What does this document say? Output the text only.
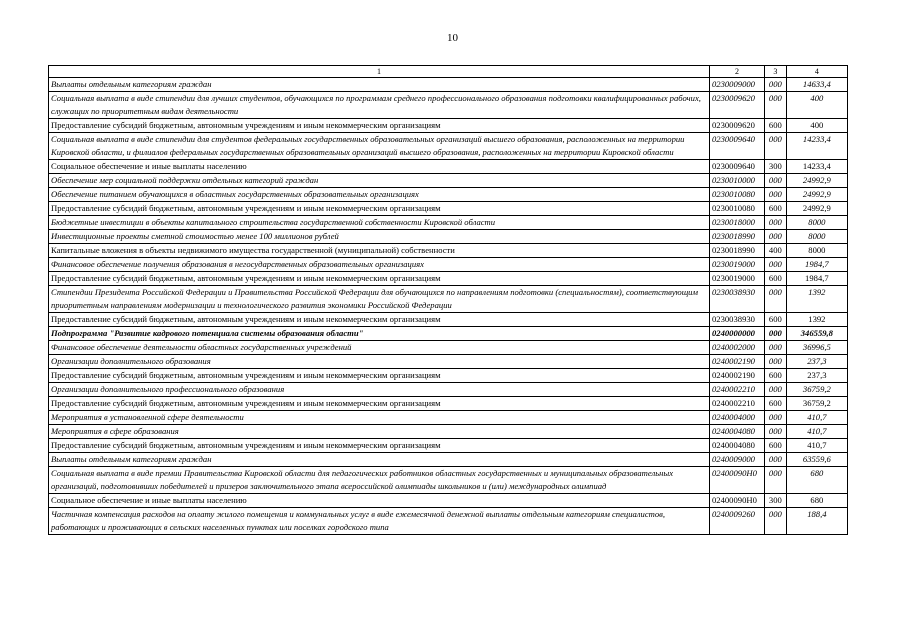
10
1	2	3	4
Выплаты отдельным категориям граждан	0230009000	000	14633,4
Социальная выплата в виде стипендии для лучших студентов, обучающихся по программам среднего профессионального образования подготовки квалифицированных рабочих, служащих по приоритетным видам деятельности	0230009620	000	400
Предоставление субсидий бюджетным, автономным учреждениям и иным некоммерческим организациям	0230009620	600	400
Социальная выплата в виде стипендии для студентов федеральных государственных образовательных организаций высшего образования, расположенных на территории Кировской области, и филиалов федеральных государственных образовательных организаций высшего образования, расположенных на территории Кировской области	0230009640	000	14233,4
Социальное обеспечение и иные выплаты населению	0230009640	300	14233,4
Обеспечение мер социальной поддержки отдельных категорий граждан	0230010000	000	24992,9
Обеспечение питанием обучающихся в областных государственных образовательных организациях	0230010080	000	24992,9
Предоставление субсидий бюджетным, автономным учреждениям и иным некоммерческим организациям	0230010080	600	24992,9
Бюджетные инвестиции в объекты капитального строительства государственной собственности Кировской области	0230018000	000	8000
Инвестиционные проекты сметной стоимостью менее 100 миллионов рублей	0230018990	000	8000
Капитальные вложения в объекты недвижимого имущества государственной (муниципальной) собственности	0230018990	400	8000
Финансовое обеспечение получения образования в негосударственных образовательных организациях	0230019000	000	1984,7
Предоставление субсидий бюджетным, автономным учреждениям и иным некоммерческим организациям	0230019000	600	1984,7
Стипендии Президента Российской Федерации и Правительства Российской Федерации для обучающихся по направлениям подготовки (специальностям), соответствующим приоритетным направлениям модернизации и технологического развития экономики Российской Федерации	0230038930	000	1392
Предоставление субсидий бюджетным, автономным учреждениям и иным некоммерческим организациям	0230038930	600	1392
Подпрограмма "Развитие кадрового потенциала системы образования области"	0240000000	000	346559,8
Финансовое обеспечение деятельности областных государственных учреждений	0240002000	000	36996,5
Организации дополнительного образования	0240002190	000	237,3
Предоставление субсидий бюджетным, автономным учреждениям и иным некоммерческим организациям	0240002190	600	237,3
Организации дополнительного профессионального образования	0240002210	000	36759,2
Предоставление субсидий бюджетным, автономным учреждениям и иным некоммерческим организациям	0240002210	600	36759,2
Мероприятия в установленной сфере деятельности	0240004000	000	410,7
Мероприятия в сфере образования	0240004080	000	410,7
Предоставление субсидий бюджетным, автономным учреждениям и иным некоммерческим организациям	0240004080	600	410,7
Выплаты отдельным категориям граждан	0240009000	000	63559,6
Социальная выплата в виде премии Правительства Кировской области для педагогических работников областных государственных и муниципальных образовательных организаций, подготовивших победителей и призеров заключительного этапа всероссийской олимпиады школьников и (или) международных олимпиад	02400090Н0	000	680
Социальное обеспечение и иные выплаты населению	02400090Н0	300	680
Частичная компенсация расходов на оплату жилого помещения и коммунальных услуг в виде ежемесячной денежной выплаты отдельным категориям специалистов, работающих и проживающих в сельских населенных пунктах или поселках городского типа	0240009260	000	188,4
